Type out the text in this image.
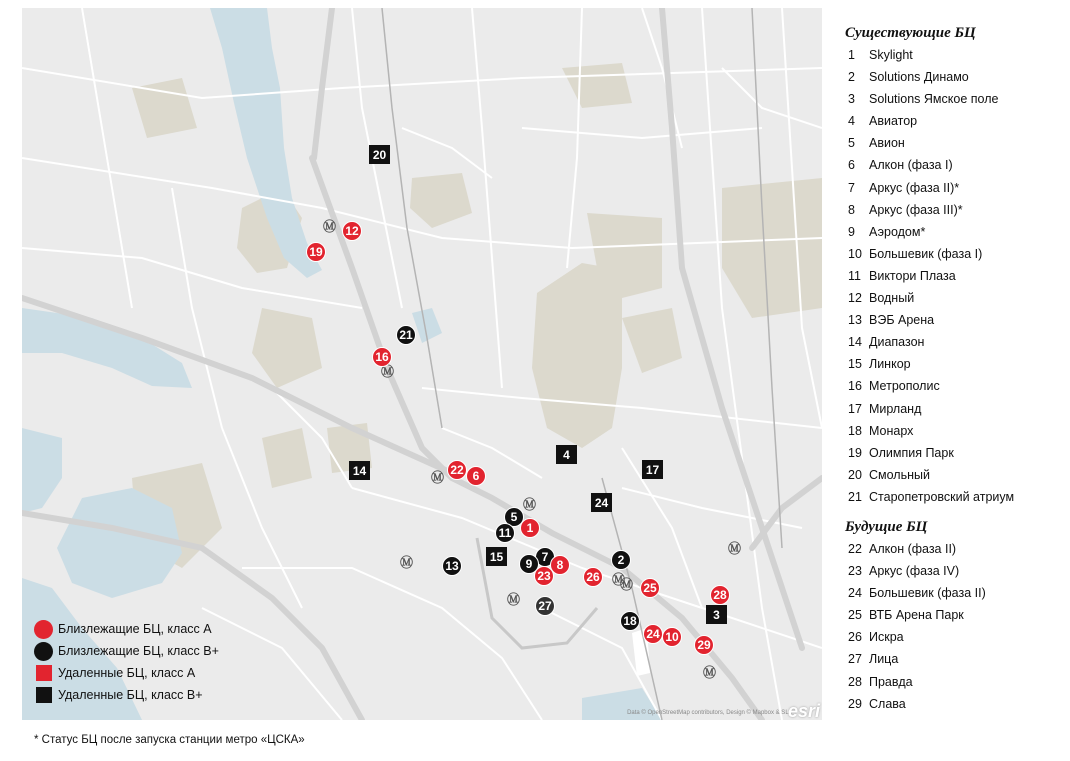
Ⓜ
Ⓜ
Ⓜ
Ⓜ
Ⓜ
Ⓜ
Ⓜ
Ⓜ
Ⓜ
Ⓜ
20
12
19
21
16
14	22 6
4
17
24
5
1
11
15
13
7
9	8
23
2
26
25	28
27
3
18
24 10
29
Близлежащие БЦ, класс А
Близлежащие БЦ, класс В+
Удаленные БЦ, класс А
Удаленные БЦ, класс В+
Data © OpenStreetMap contributors, Design © Mapbox & SLL
esri
Существующие БЦ
1	Skylight
2	Solutions Динамо
3	Solutions Ямское поле
4	Авиатор
5	Авион
6	Алкон (фаза I)
7	Аркус (фаза II)*
8	Аркус (фаза III)*
9	Аэродом*
10 Большевик (фаза I)
11 Виктори Плаза
12 Водный
13 ВЭБ Арена
14 Диапазон
15 Линкор
16 Метрополис
17 Мирланд
18 Монарх
19 Олимпия Парк
20 Смольный
21 Старопетровский атриум
Будущие БЦ
22 Алкон (фаза II)
23 Аркус (фаза IV)
24 Большевик (фаза II)
25 ВТБ Арена Парк
26 Искра
27 Лица
28 Правда
29 Слава
* Статус БЦ после запуска станции метро «ЦСКА»
